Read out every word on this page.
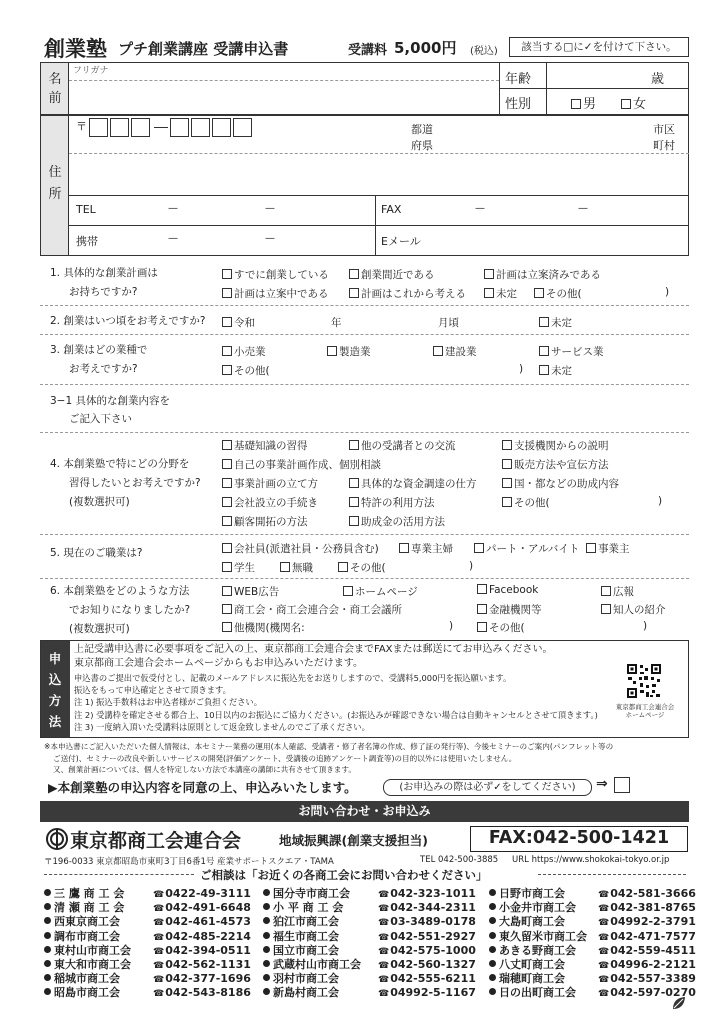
創業塾 プチ創業講座 受講申込書	受講料 5,000円 (税込)	該当する□に✓を付けて下さい。
名前
フリガナ
年齢	歳
性別	男	女
住所
〒	都道
府県
市区
町村
TEL	—	—	FAX	—	—
携帯	—	—	Eメール
1. 具体的な創業計画は
お持ちですか?
すでに創業している	創業間近である	計画は立案済みである
計画は立案中である	計画はこれから考える	未定	その他(	)
2. 創業はいつ頃をお考えですか?	令和	年	月頃	未定
3. 創業はどの業種で
お考えですか?
小売業	製造業	建設業	サービス業
その他(	)	未定
3−1 具体的な創業内容を
ご記入下さい
4. 本創業塾で特にどの分野を
習得したいとお考えですか?
(複数選択可)
基礎知識の習得	他の受講者との交流	支援機関からの説明
自己の事業計画作成、個別相談	販売方法や宣伝方法
事業計画の立て方	具体的な資金調達の仕方	国・都などの助成内容
会社設立の手続き	特許の利用方法	その他(	)
顧客開拓の方法	助成金の活用方法
5. 現在のご職業は?	会社員(派遣社員・公務員含む)	専業主婦	パート・アルバイト	事業主
学生	無職	その他(	)
6. 本創業塾をどのような方法
でお知りになりましたか?
(複数選択可)
WEB広告	ホームページ	Facebook	広報
商工会・商工会連合会・商工会議所	金融機関等	知人の紹介
他機関(機関名:	)	その他(	)
申込方法
上記受講申込書に必要事項をご記入の上、東京都商工会連合会までFAXまたは郵送にてお申込みください。
東京都商工会連合会ホームページからもお申込みいただけます。
申込書のご提出で仮受付とし、記載のメールアドレスに振込先をお送りしますので、受講料5,000円を振込願います。
振込をもって申込確定とさせて頂きます。
注 1) 振込手数料はお申込者様がご負担ください。
注 2) 受講枠を確定させる都合上、10日以内のお振込にご協力ください。(お振込みが確認できない場合は自動キャンセルとさせて頂きます。)
注 3) 一度納入頂いた受講料は原則として返金致しませんのでご了承ください。
東京都商工会連合会
ホームページ
※本申込書にご記入いただいた個人情報は、本セミナー業務の運用(本人確認、受講者・修了者名簿の作成、修了証の発行等)、今後セミナーのご案内(パンフレット等の
ご送付)、セミナーの改良や新しいサービスの開発(評価アンケート、受講後の追跡アンケート調査等)の目的以外には使用いたしません。
又、創業計画については、個人を特定しない方法で本講座の講師に共有させて頂きます。
▶本創業塾の申込内容を同意の上、申込みいたします。	(お申込みの際は必ず✓をしてください)	⇒
お問い合わせ・お申込み
東京都商工会連合会	地域振興課(創業支援担当)	FAX:042-500-1421
〒196-0033 東京都昭島市東町3丁目6番1号 産業サポートスクエア・TAMA	TEL 042-500-3885 URL https://www.shokokai-tokyo.or.jp
ご相談は「お近くの各商工会にお問い合わせください」
三 鷹 商 工 会	☎0422-49-3111
清 瀬 商 工 会	☎042-491-6648
西東京商工会	☎042-461-4573
調布市商工会	☎042-485-2214
東村山市商工会 ☎042-394-0511
東大和市商工会 ☎042-562-1131
稲城市商工会	☎042-377-1696
昭島市商工会	☎042-543-8186
国分寺市商工会	☎042-323-1011
小 平 商 工 会	☎042-344-2311
狛江市商工会	☎03-3489-0178
福生市商工会	☎042-551-2927
国立市商工会	☎042-575-1000
武蔵村山市商工会 ☎042-560-1327
羽村市商工会	☎042-555-6211
新島村商工会	☎04992-5-1167
日野市商工会	☎042-581-3666
小金井市商工会 ☎042-381-8765
大島町商工会	☎04992-2-3791
東久留米市商工会 ☎042-471-7577
あきる野商工会 ☎042-559-4511
八丈町商工会	☎04996-2-2121
瑞穂町商工会	☎042-557-3389
日の出町商工会 ☎042-597-0270
